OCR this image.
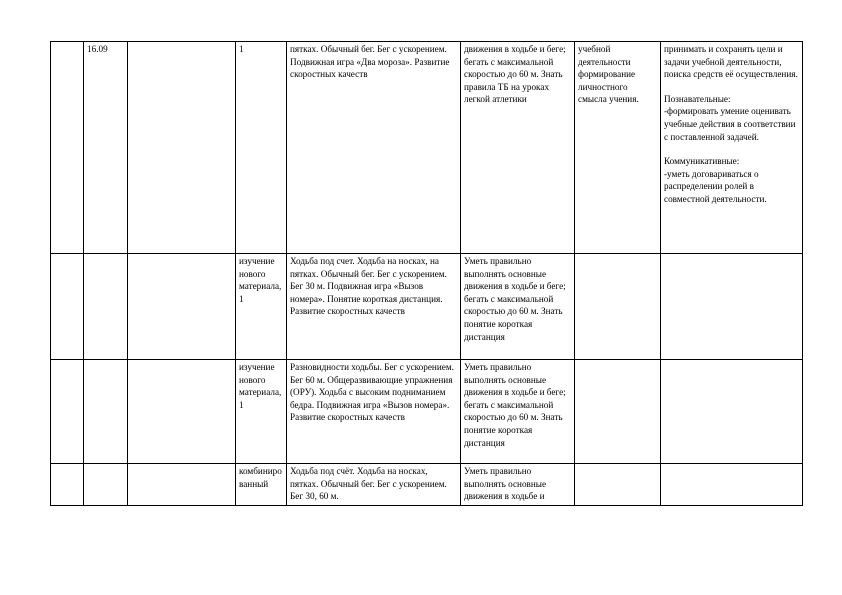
	16.09		1	пятках. Обычный бег. Бег с ускорением. Подвижная игра «Два мороза». Развитие скоростных качеств	движения в ходьбе и беге; бегать с максимальной скоростью до 60 м. Знать правила ТБ на уроках легкой атлетики	учебной деятельности формирование личностного смысла учения.	принимать и сохранять цели и задачи учебной деятельности, поиска средств её осуществления.
Познавательные:
-формировать умение оценивать учебные действия в соответствии с поставленной задачей.
Коммуникативные:
-уметь договариваться о распределении ролей в совместной деятельности.

			изучение нового материала, 1	Ходьба под счет. Ходьба на носках, на пятках. Обычный бег. Бег с ускорением. Бег 30 м. Подвижная игра «Вызов номера». Понятие короткая дистанция. Развитие скоростных качеств	Уметь правильно выполнять основные движения в ходьбе и беге; бегать с максимальной скоростью до 60 м. Знать понятие короткая дистанция		
			изучение нового материала, 1	Разновидности ходьбы. Бег с ускорением. Бег 60 м. Общеразвивающие упражнения (ОРУ). Ходьба с высоким подниманием бедра. Подвижная игра «Вызов номера». Развитие скоростных качеств	Уметь правильно выполнять основные движения в ходьбе и беге; бегать с максимальной скоростью до 60 м. Знать понятие короткая дистанция		
			комбинированный	Ходьба под счёт. Ходьба на носках, пятках. Обычный бег. Бег с ускорением. Бег 30, 60 м.	Уметь правильно выполнять основные движения в ходьбе и		
